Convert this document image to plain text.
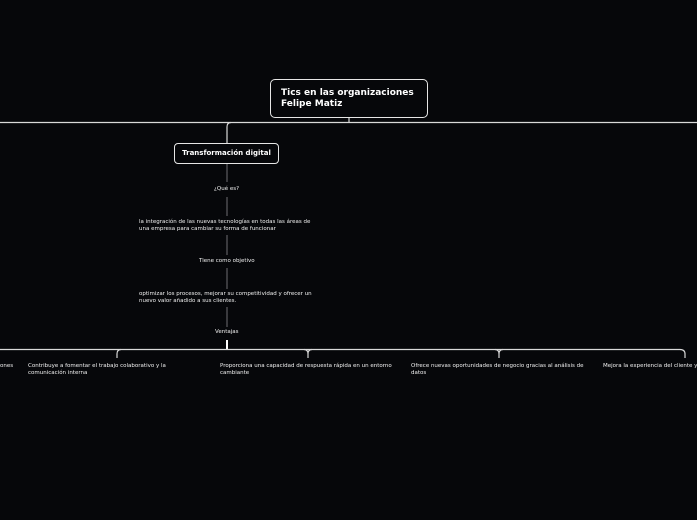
Tics en las organizaciones
Felipe Matiz
Transformación digital
¿Qué es?
la integración de las nuevas tecnologías en todas las áreas de
una empresa para cambiar su forma de funcionar
Tiene como objetivo
optimizar los procesos, mejorar su competitividad y ofrecer un
nuevo valor añadido a sus clientes.
Ventajas
ones	Contribuye a fomentar el trabajo colaborativo y la
comunicación interna
Proporciona una capacidad de respuesta rápida en un entorno
cambiante
Ofrece nuevas oportunidades de negocio gracias al análisis de
datos
Mejora la experiencia del cliente y
